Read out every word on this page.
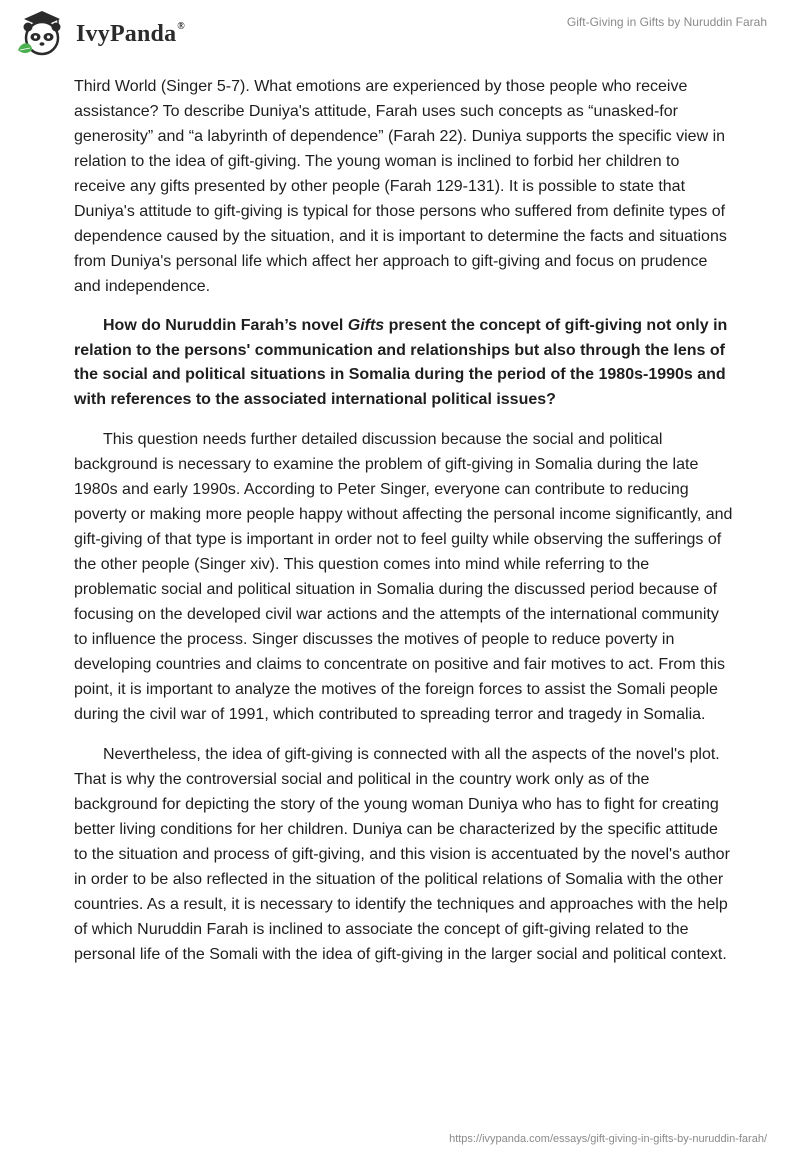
IvyPanda®	Gift-Giving in Gifts by Nuruddin Farah

Third World (Singer 5-7). What emotions are experienced by those people who receive assistance? To describe Duniya's attitude, Farah uses such concepts as “unasked-for generosity” and “a labyrinth of dependence” (Farah 22). Duniya supports the specific view in relation to the idea of gift-giving. The young woman is inclined to forbid her children to receive any gifts presented by other people (Farah 129-131). It is possible to state that Duniya's attitude to gift-giving is typical for those persons who suffered from definite types of dependence caused by the situation, and it is important to determine the facts and situations from Duniya's personal life which affect her approach to gift-giving and focus on prudence and independence.

How do Nuruddin Farah’s novel Gifts present the concept of gift-giving not only in relation to the persons' communication and relationships but also through the lens of the social and political situations in Somalia during the period of the 1980s-1990s and with references to the associated international political issues?

This question needs further detailed discussion because the social and political background is necessary to examine the problem of gift-giving in Somalia during the late 1980s and early 1990s. According to Peter Singer, everyone can contribute to reducing poverty or making more people happy without affecting the personal income significantly, and gift-giving of that type is important in order not to feel guilty while observing the sufferings of the other people (Singer xiv). This question comes into mind while referring to the problematic social and political situation in Somalia during the discussed period because of focusing on the developed civil war actions and the attempts of the international community to influence the process. Singer discusses the motives of people to reduce poverty in developing countries and claims to concentrate on positive and fair motives to act. From this point, it is important to analyze the motives of the foreign forces to assist the Somali people during the civil war of 1991, which contributed to spreading terror and tragedy in Somalia.

Nevertheless, the idea of gift-giving is connected with all the aspects of the novel's plot. That is why the controversial social and political in the country work only as of the background for depicting the story of the young woman Duniya who has to fight for creating better living conditions for her children. Duniya can be characterized by the specific attitude to the situation and process of gift-giving, and this vision is accentuated by the novel's author in order to be also reflected in the situation of the political relations of Somalia with the other countries. As a result, it is necessary to identify the techniques and approaches with the help of which Nuruddin Farah is inclined to associate the concept of gift-giving related to the personal life of the Somali with the idea of gift-giving in the larger social and political context.

https://ivypanda.com/essays/gift-giving-in-gifts-by-nuruddin-farah/
